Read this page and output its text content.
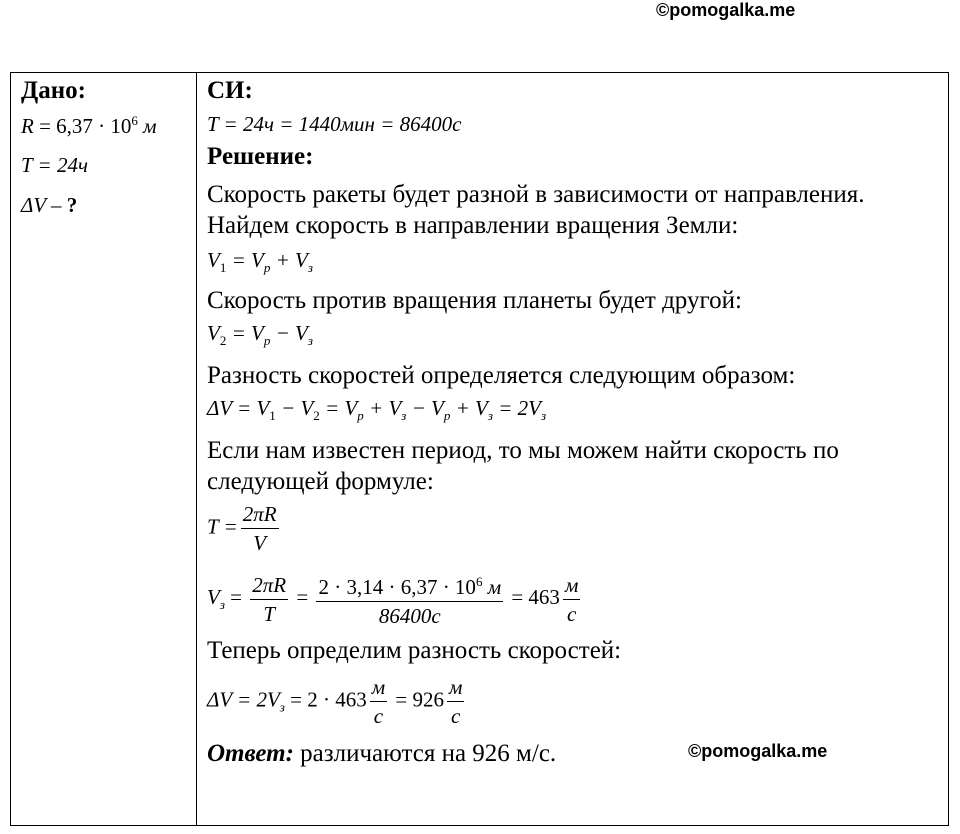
©pomogalka.me
Дано:
$R = 6,37 \cdot 10^6$ м
T = 24ч
ΔV – ?

СИ:
T = 24ч = 1440мин = 86400с
Решение:
Скорость ракеты будет разной в зависимости от направления.
Найдем скорость в направлении вращения Земли:
$V_1 = V_р + V_з$
Скорость против вращения планеты будет другой:
$V_2 = V_р - V_з$
Разность скоростей определяется следующим образом:
$\Delta V = V_1 - V_2 = V_р + V_з - V_р + V_з = 2V_з$
Если нам известен период, то мы можем найти скорость по
следующей формуле:
$T = \frac{2\pi R}{V}$
$V_з = \frac{2\pi R}{T} = \frac{2 \cdot 3,14 \cdot 6,37 \cdot 10^6 м}{86400с} = 463 \frac{м}{с}$
Теперь определим разность скоростей:
$\Delta V = 2V_з = 2 \cdot 463 \frac{м}{с} = 926 \frac{м}{с}$
Ответ: различаются на 926 м/с.	©pomogalka.me
